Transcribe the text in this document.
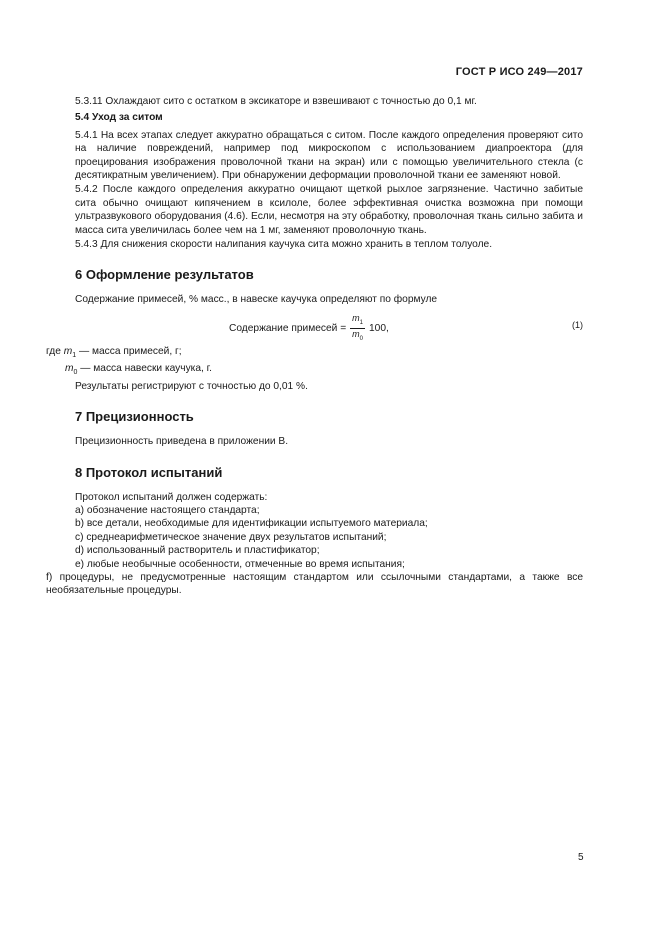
ГОСТ Р ИСО 249—2017

5.3.11 Охлаждают сито с остатком в эксикаторе и взвешивают с точностью до 0,1 мг.

5.4 Уход за ситом

5.4.1 На всех этапах следует аккуратно обращаться с ситом. После каждого определения проверяют сито на наличие повреждений, например под микроскопом с использованием диапроектора (для проецирования изображения проволочной ткани на экран) или с помощью увеличительного стекла (с десятикратным увеличением). При обнаружении деформации проволочной ткани ее заменяют новой.

5.4.2 После каждого определения аккуратно очищают щеткой рыхлое загрязнение. Частично забитые сита обычно очищают кипячением в ксилоле, более эффективная очистка возможна при помощи ультразвукового оборудования (4.6). Если, несмотря на эту обработку, проволочная ткань сильно забита и масса сита увеличилась более чем на 1 мг, заменяют проволочную ткань.

5.4.3 Для снижения скорости налипания каучука сита можно хранить в теплом толуоле.

6 Оформление результатов

Содержание примесей, % масс., в навеске каучука определяют по формуле

Содержание примесей = $\frac{m_1}{m_0} 100$,	(1)
где $m_1$ — масса примесей, г;
$m_0$ — масса навески каучука, г.
Результаты регистрируют с точностью до 0,01 %.
7 Прецизионность

Прецизионность приведена в приложении В.

8 Протокол испытаний

Протокол испытаний должен содержать:

a) обозначение настоящего стандарта;

b) все детали, необходимые для идентификации испытуемого материала;

c) среднеарифметическое значение двух результатов испытаний;

d) использованный растворитель и пластификатор;

e) любые необычные особенности, отмеченные во время испытания;

f) процедуры, не предусмотренные настоящим стандартом или ссылочными стандартами, а также все необязательные процедуры.

5
